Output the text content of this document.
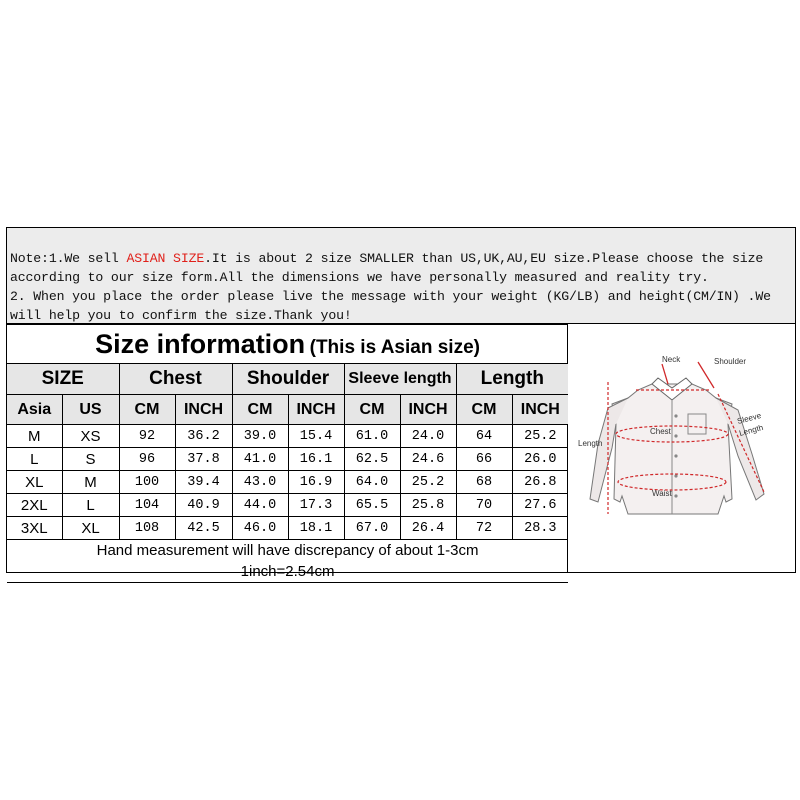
Note:1.We sell ASIAN SIZE.It is about 2 size SMALLER than US,UK,AU,EU size.Please choose the size
according to our size form.All the dimensions we have personally measured and reality try.
2. When you place the order please live the message with your weight (KG/LB) and height(CM/IN) .We
will help you to confirm the size.Thank you!
Size information (This is Asian size)									
SIZE		Chest		Shoulder		Sleeve length		Length	
Asia	US	CM	INCH	CM	INCH	CM	INCH	CM	INCH
M	XS	92	36.2	39.0	15.4	61.0	24.0	64	25.2
L	S	96	37.8	41.0	16.1	62.5	24.6	66	26.0
XL	M	100	39.4	43.0	16.9	64.0	25.2	68	26.8
2XL	L	104	40.9	44.0	17.3	65.5	25.8	70	27.6
3XL	XL	108	42.5	46.0	18.1	67.0	26.4	72	28.3

Hand measurement will have discrepancy of about 1-3cm
1inch=2.54cm									
Neck	Shoulder
Chest
Length
Sleeve
Length
Waist
